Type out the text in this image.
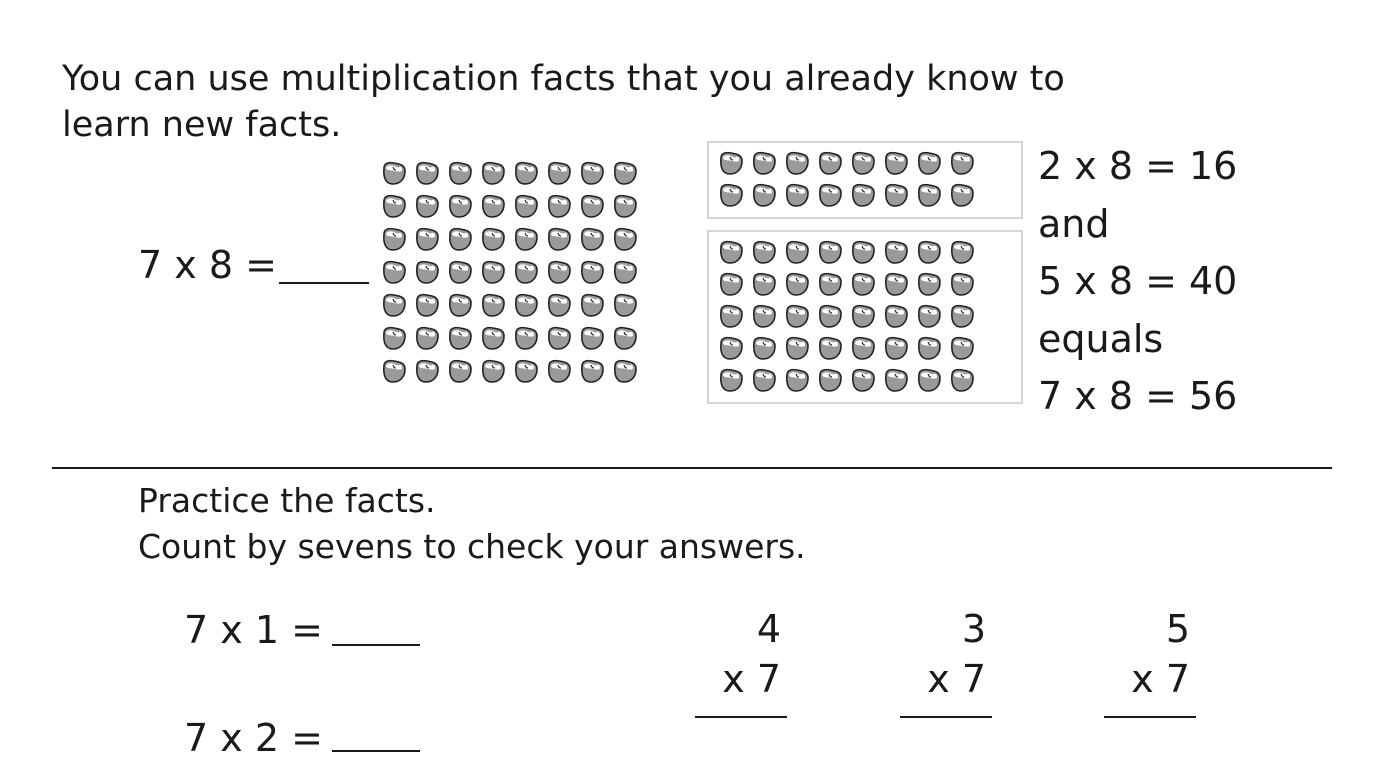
You can use multiplication facts that you already know to
learn new facts.
7 x 8 =
2 x 8 = 16
and
5 x 8 = 40
equals
7 x 8 = 56
Practice the facts.
Count by sevens to check your answers.
7 x 1 =
7 x 2 =
4
x 7
3
x 7
5
x 7
